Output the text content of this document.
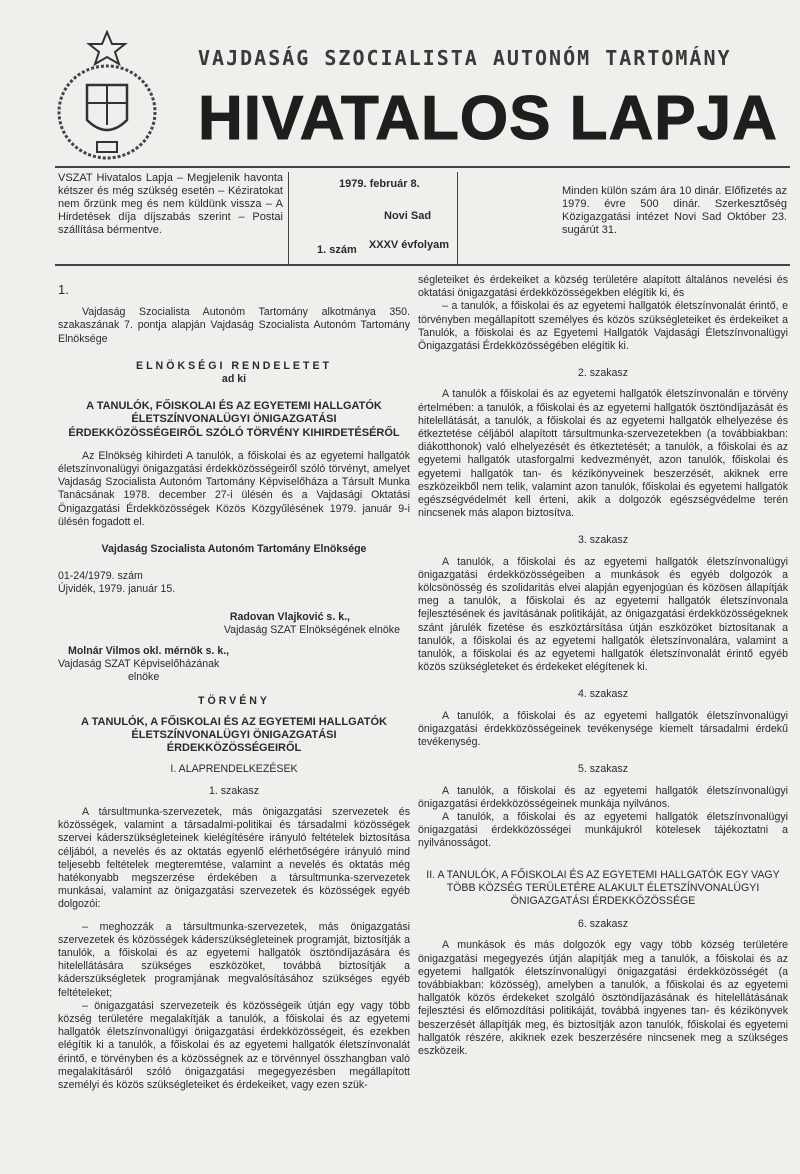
VAJDASÁG SZOCIALISTA AUTONÓM TARTOMÁNY
HIVATALOS LAPJA
VSZAT Hivatalos Lapja – Megjelenik havonta kétszer és még szükség esetén – Kéziratokat nem őrzünk meg és nem küldünk vissza – A Hirdetések díja díjszabás szerint – Postai szállítása bérmentve.
1979. február 8.
Novi Sad
1. szám XXXV évfolyam
Minden külön szám ára 10 dinár. Előfizetés az 1979. évre 500 dinár. Szerkesztőség Közigazgatási intézet Novi Sad Október 23. sugárút 31.
1.

Vajdaság Szocialista Autonóm Tartomány alkotmánya 350. szakaszának 7. pontja alapján Vajdaság Szocialista Autonóm Tartomány Elnöksége

ELNÖKSÉGI RENDELETET
ad ki
A TANULÓK, FŐISKOLAI ÉS AZ EGYETEMI HALLGATÓK ÉLETSZÍNVONALÜGYI ÖNIGAZGATÁSI ÉRDEKKÖZÖSSÉGEIRŐL SZÓLÓ TÖRVÉNY KIHIRDETÉSÉRŐL

Az Elnökség kihirdeti A tanulók, a főiskolai és az egyetemi hallgatók életszínvonalügyi önigazgatási érdekközösségeiről szóló törvényt, amelyet Vajdaság Szocialista Autonóm Tartomány Képviselőháza a Társult Munka Tanácsának 1978. december 27-i ülésén és a Vajdasági Oktatási Önigazgatási Érdekközösségek Közös Közgyűlésének 1979. január 9-i ülésén fogadott el.

Vajdaság Szocialista Autonóm Tartomány Elnöksége
01-24/1979. szám
Újvidék, 1979. január 15.
Radovan Vlajković s. k.,
Vajdaság SZAT Elnökségének elnöke
Molnár Vilmos okl. mérnök s. k.,
Vajdaság SZAT Képviselőházának
elnöke
TÖRVÉNY
A TANULÓK, A FŐISKOLAI ÉS AZ EGYETEMI HALLGATÓK ÉLETSZÍNVONALÜGYI ÖNIGAZGATÁSI ÉRDEKKÖZÖSSÉGEIRŐL
I. ALAPRENDELKEZÉSEK
1. szakasz

A társultmunka-szervezetek, más önigazgatási szervezetek és közösségek, valamint a társadalmi-politikai és társadalmi közösségek szervei káderszükségleteinek kielégítésére irányuló feltételek biztosítása céljából, a nevelés és az oktatás egyenlő elérhetőségére irányuló mind teljesebb feltételek megteremtése, valamint a nevelés és oktatás még hatékonyabb megszerzése érdekében a társultmunka-szervezetek munkásai, valamint az önigazgatási szervezetek és közösségek egyéb dolgozói:

– meghozzák a társultmunka-szervezetek, más önigazgatási szervezetek és közösségek káderszükségleteinek programját, biztosítják a tanulók, a főiskolai és az egyetemi hallgatók ösztöndíjazására és hitelellátására szükséges eszközöket, továbbá biztosítják a káderszükségletek programjának megvalósításához szükséges egyéb feltételeket;

– önigazgatási szervezeteik és közösségeik útján egy vagy több község területére megalakítják a tanulók, a főiskolai és az egyetemi hallgatók életszínvonalügyi önigazgatási érdekközösségeit, és ezekben elégítik ki a tanulók, a főiskolai és az egyetemi hallgatók életszínvonalát érintő, e törvényben és a közösségnek az e törvénnyel összhangban való megalakításáról szóló önigazgatási megegyezésben megállapított személyi és közös szükségleteiket és érdekeiket, vagy ezen szük-

ségleteiket és érdekeiket a község területére alapított általános nevelési és oktatási önigazgatási érdekközösségekben elégítik ki, és

– a tanulók, a főiskolai és az egyetemi hallgatók életszínvonalát érintő, e törvényben megállapított személyes és közös szükségleteiket és érdekeiket a Tanulók, a főiskolai és az Egyetemi Hallgatók Vajdasági Életszínvonalügyi Önigazgatási Érdekközösségében elégítik ki.

2. szakasz

A tanulók a főiskolai és az egyetemi hallgatók életszínvonalán e törvény értelmében: a tanulók, a főiskolai és az egyetemi hallgatók ösztöndíjazását és hitelellátását, a tanulók, a főiskolai és az egyetemi hallgatók elhelyezése és étkeztetése céljából alapított társultmunka-szervezetekben (a továbbiakban: diákotthonok) való elhelyezését és étkeztetését; a tanulók, a főiskolai és az egyetemi hallgatók utasforgalmi kedvezményét, azon tanulók, főiskolai és egyetemi hallgatók tan- és kézikönyveinek beszerzését, akiknek erre eszközeikből nem telik, valamint azon tanulók, főiskolai és egyetemi hallgatók egészségvédelmét kell érteni, akik a dolgozók egészségvédelme terén nincsenek más alapon biztosítva.

3. szakasz

A tanulók, a főiskolai és az egyetemi hallgatók életszínvonalügyi önigazgatási érdekközösségeiben a munkások és egyéb dolgozók a kölcsönösség és szolidaritás elvei alapján egyenjogúan és közösen állapítják meg a tanulók, a főiskolai és az egyetemi hallgatók életszínvonala fejlesztésének és javításának politikáját, az önigazgatási érdekközösségeknek szánt járulék fizetése és eszköztársítása útján eszközöket biztosítanak a tanulók, a főiskolai és az egyetemi hallgatók életszínvonalára, valamint a tanulók, a főiskolai és az egyetemi hallgatók életszínvonalát érintő egyéb közös szükségleteket és érdekeket elégítenek ki.

4. szakasz

A tanulók, a főiskolai és az egyetemi hallgatók életszínvonalügyi önigazgatási érdekközösségeinek tevékenysége kiemelt társadalmi érdekű tevékenység.

5. szakasz

A tanulók, a főiskolai és az egyetemi hallgatók életszínvonalügyi önigazgatási érdekközösségeinek munkája nyilvános.

A tanulók, a főiskolai és az egyetemi hallgatók életszínvonalügyi önigazgatási érdekközösségei munkájukról kötelesek tájékoztatni a nyilvánosságot.

II. A TANULÓK, A FŐISKOLAI ÉS AZ EGYETEMI HALLGATÓK EGY VAGY TÖBB KÖZSÉG TERÜLETÉRE ALAKULT ÉLETSZÍNVONALÜGYI ÖNIGAZGATÁSI ÉRDEKKÖZÖSSÉGE
6. szakasz

A munkások és más dolgozók egy vagy több község területére önigazgatási megegyezés útján alapítják meg a tanulók, a főiskolai és az egyetemi hallgatók életszínvonalügyi önigazgatási érdekközösségét (a továbbiakban: közösség), amelyben a tanulók, a főiskolai és az egyetemi hallgatók közös érdekeket szolgáló ösztöndíjazásának és hitelellátásának fejlesztési és előmozdítási politikáját, továbbá ingyenes tan- és kézikönyvek beszerzését állapítják meg, és biztosítják azon tanulók, főiskolai és egyetemi hallgatók részére, akiknek ezek beszerzésére nincsenek meg a szükséges eszközeik.
